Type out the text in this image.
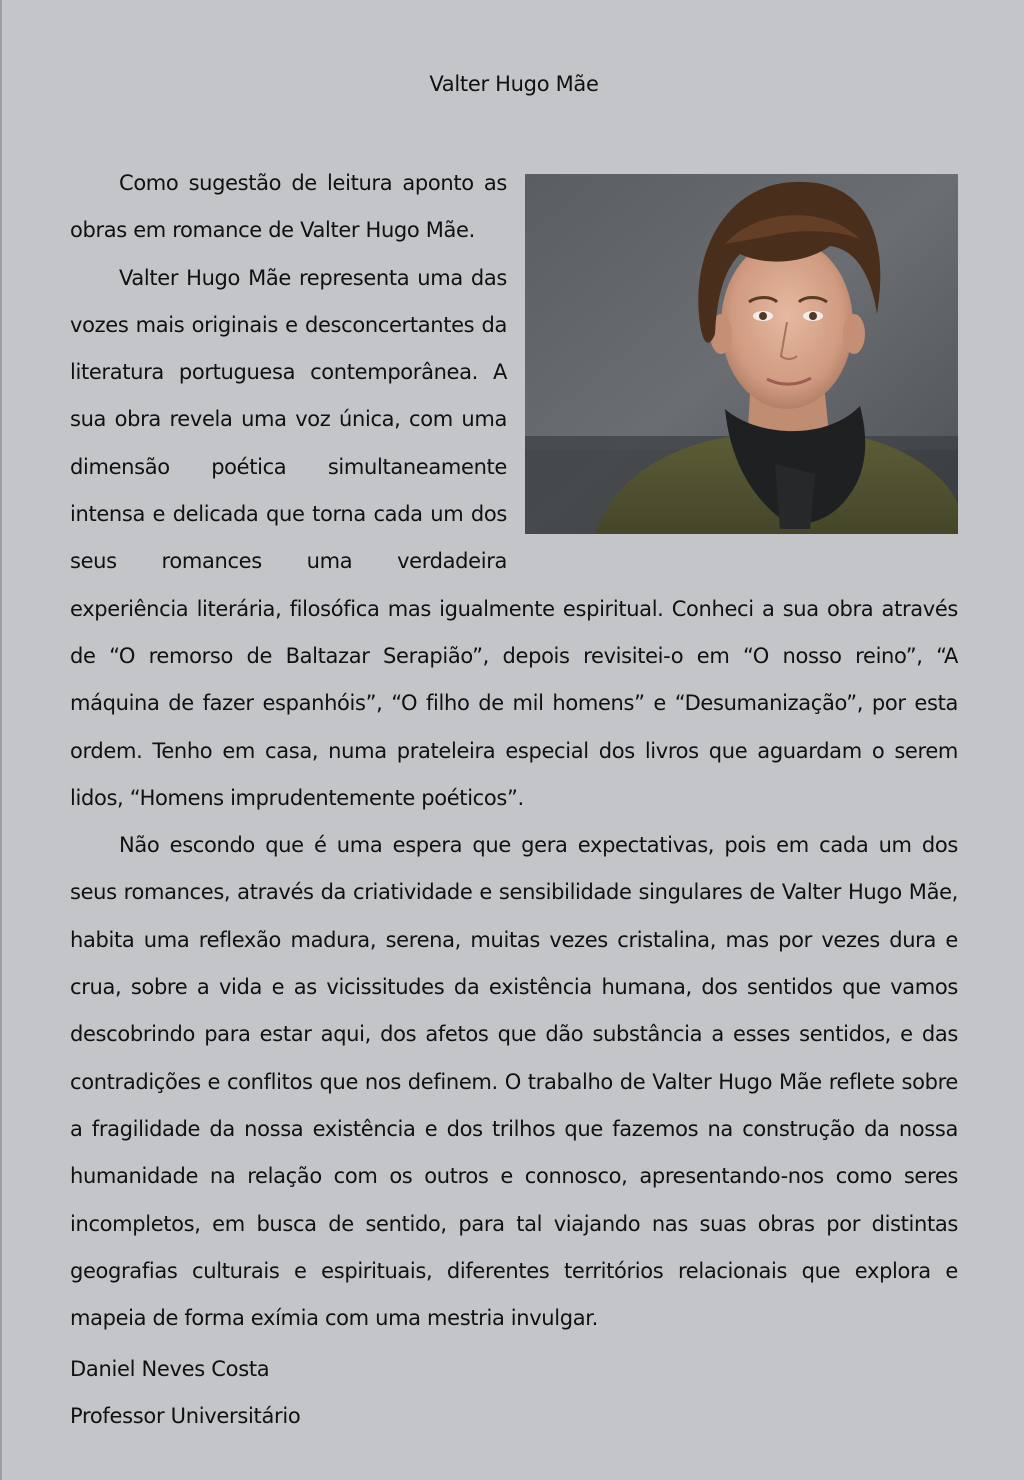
Valter Hugo Mãe

Como sugestão de leitura aponto as obras em romance de Valter Hugo Mãe.

Valter Hugo Mãe representa uma das vozes mais originais e desconcertantes da literatura portuguesa contemporânea. A sua obra revela uma voz única, com uma dimensão poética simultaneamente intensa e delicada que torna cada um dos seus romances uma verdadeira experiência literária, filosófica mas igualmente espiritual. Conheci a sua obra através de “O remorso de Baltazar Serapião”, depois revisitei-o em “O nosso reino”, “A máquina de fazer espanhóis”, “O filho de mil homens” e “Desumanização”, por esta ordem. Tenho em casa, numa prateleira especial dos livros que aguardam o serem lidos, “Homens imprudentemente poéticos”.

Não escondo que é uma espera que gera expectativas, pois em cada um dos seus romances, através da criatividade e sensibilidade singulares de Valter Hugo Mãe, habita uma reflexão madura, serena, muitas vezes cristalina, mas por vezes dura e crua, sobre a vida e as vicissitudes da existência humana, dos sentidos que vamos descobrindo para estar aqui, dos afetos que dão substância a esses sentidos, e das contradições e conflitos que nos definem. O trabalho de Valter Hugo Mãe reflete sobre a fragilidade da nossa existência e dos trilhos que fazemos na construção da nossa humanidade na relação com os outros e connosco, apresentando-nos como seres incompletos, em busca de sentido, para tal viajando nas suas obras por distintas geografias culturais e espirituais, diferentes territórios relacionais que explora e mapeia de forma exímia com uma mestria invulgar.

Daniel Neves Costa
Professor Universitário
